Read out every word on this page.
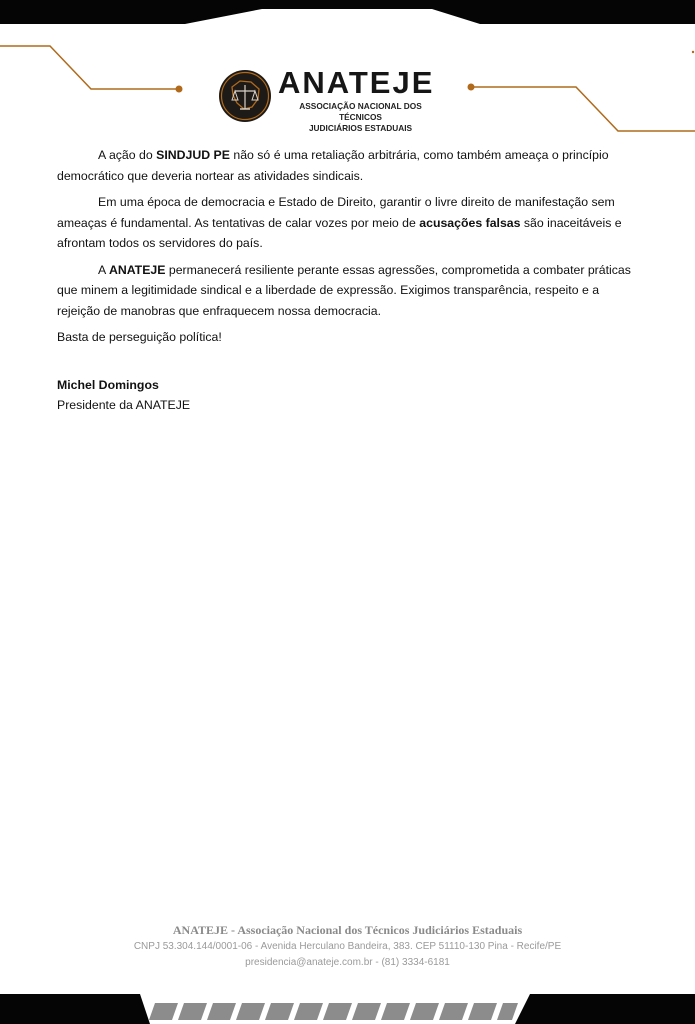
ANATEJE
ASSOCIAÇÃO NACIONAL DOS TÉCNICOS
JUDICIÁRIOS ESTADUAIS

A ação do SINDJUD PE não só é uma retaliação arbitrária, como também ameaça o princípio democrático que deveria nortear as atividades sindicais.

Em uma época de democracia e Estado de Direito, garantir o livre direito de manifestação sem ameaças é fundamental. As tentativas de calar vozes por meio de acusações falsas são inaceitáveis e afrontam todos os servidores do país.

A ANATEJE permanecerá resiliente perante essas agressões, comprometida a combater práticas que minem a legitimidade sindical e a liberdade de expressão. Exigimos transparência, respeito e a rejeição de manobras que enfraquecem nossa democracia.

Basta de perseguição política!

Michel Domingos
Presidente da ANATEJE
ANATEJE - Associação Nacional dos Técnicos Judiciários Estaduais
CNPJ 53.304.144/0001-06 - Avenida Herculano Bandeira, 383. CEP 51110-130 Pina - Recife/PE
presidencia@anateje.com.br - (81) 3334-6181
